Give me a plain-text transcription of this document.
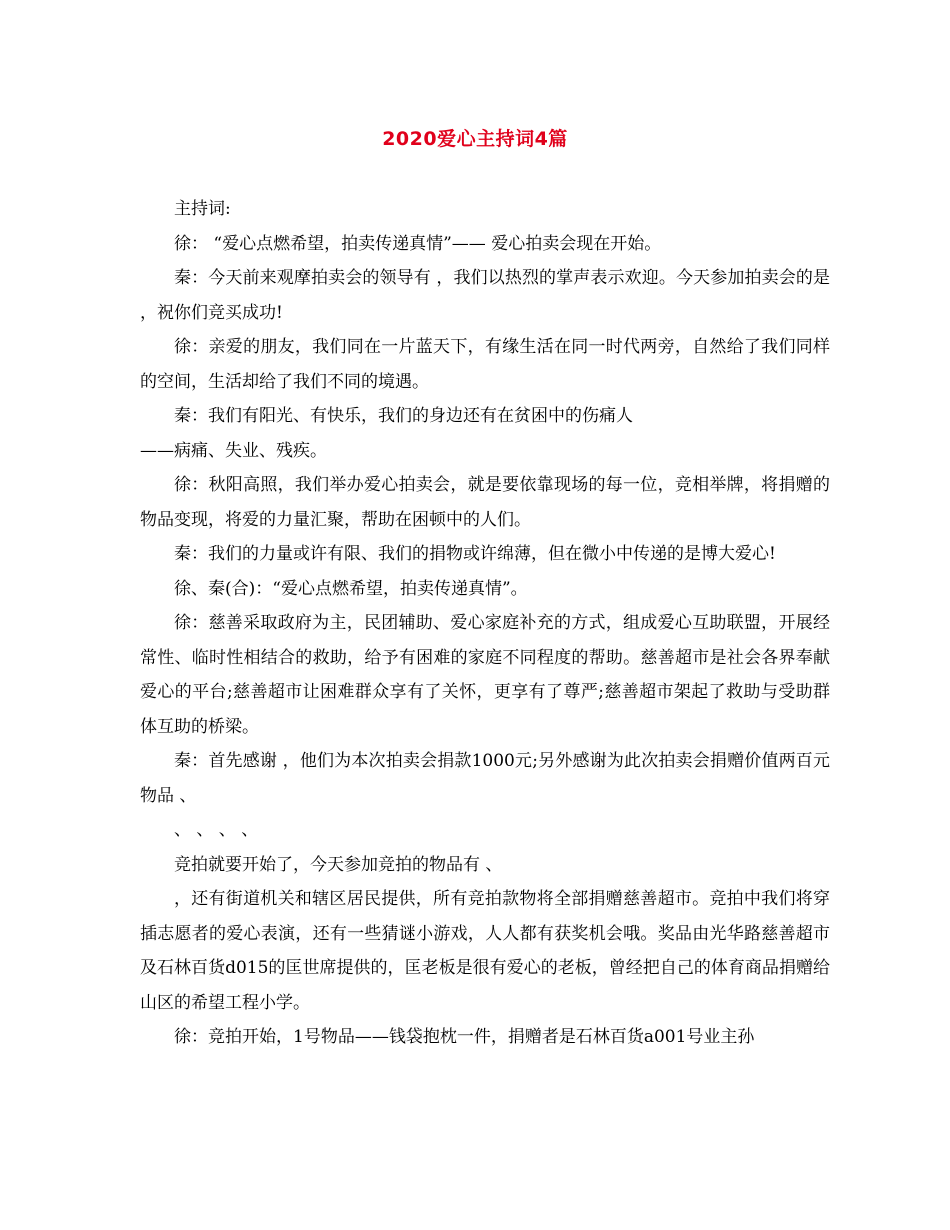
2020爱心主持词4篇

主持词:

徐： “爱心点燃希望，拍卖传递真情”—— 爱心拍卖会现在开始。

秦：今天前来观摩拍卖会的领导有 ，我们以热烈的掌声表示欢迎。今天参加拍卖会的是 ，祝你们竞买成功!

徐：亲爱的朋友，我们同在一片蓝天下，有缘生活在同一时代两旁，自然给了我们同样的空间，生活却给了我们不同的境遇。

秦：我们有阳光、有快乐，我们的身边还有在贫困中的伤痛人

——病痛、失业、残疾。

徐：秋阳高照，我们举办爱心拍卖会，就是要依靠现场的每一位，竞相举牌，将捐赠的物品变现，将爱的力量汇聚，帮助在困顿中的人们。

秦：我们的力量或许有限、我们的捐物或许绵薄，但在微小中传递的是博大爱心!

徐、秦(合)：“爱心点燃希望，拍卖传递真情”。

徐：慈善采取政府为主，民团辅助、爱心家庭补充的方式，组成爱心互助联盟，开展经常性、临时性相结合的救助，给予有困难的家庭不同程度的帮助。慈善超市是社会各界奉献爱心的平台;慈善超市让困难群众享有了关怀，更享有了尊严;慈善超市架起了救助与受助群体互助的桥梁。

秦：首先感谢 ，他们为本次拍卖会捐款1000元;另外感谢为此次拍卖会捐赠价值两百元物品 、

、 、 、 、

竞拍就要开始了，今天参加竞拍的物品有 、

，还有街道机关和辖区居民提供，所有竞拍款物将全部捐赠慈善超市。竞拍中我们将穿插志愿者的爱心表演，还有一些猜谜小游戏，人人都有获奖机会哦。奖品由光华路慈善超市及石林百货d015的匡世席提供的，匡老板是很有爱心的老板，曾经把自己的体育商品捐赠给山区的希望工程小学。

徐：竞拍开始，1号物品——钱袋抱枕一件，捐赠者是石林百货a001号业主孙
